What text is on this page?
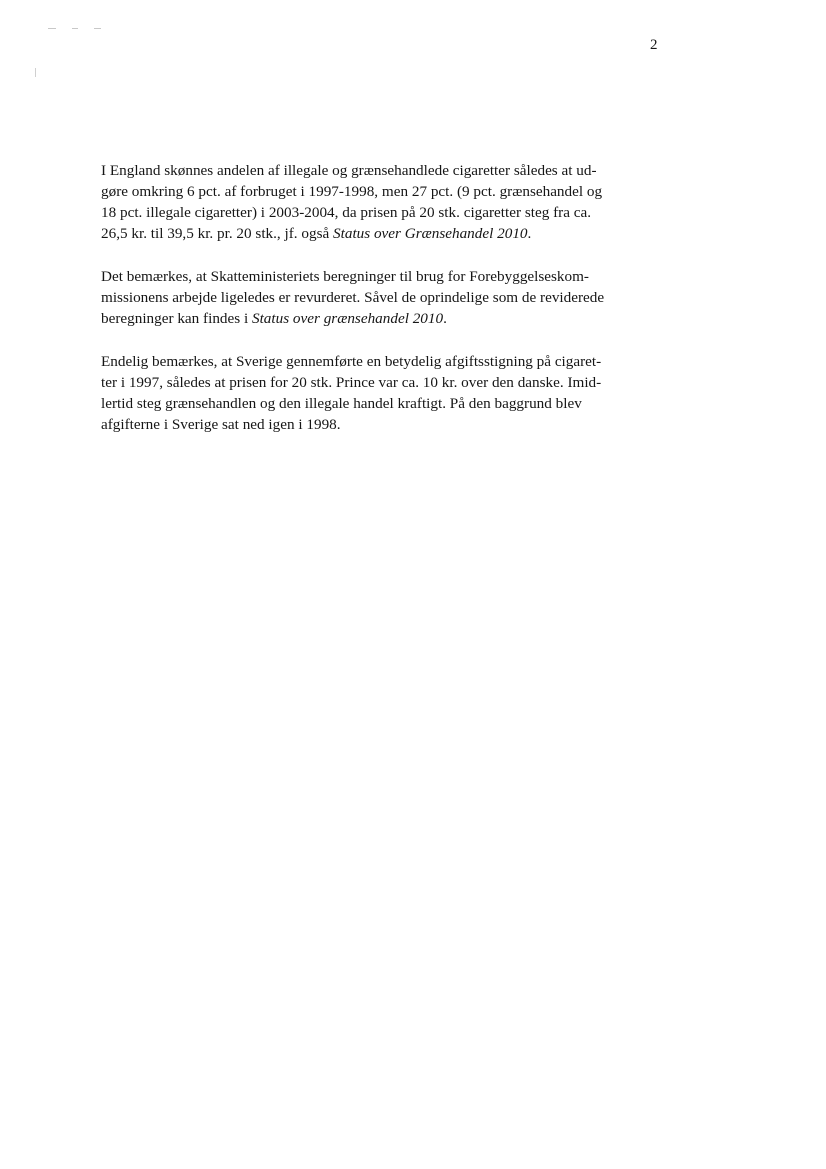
2

I England skønnes andelen af illegale og grænsehandlede cigaretter således at ud-
gøre omkring 6 pct. af forbruget i 1997-1998, men 27 pct. (9 pct. grænsehandel og
18 pct. illegale cigaretter) i 2003-2004, da prisen på 20 stk. cigaretter steg fra ca.
26,5 kr. til 39,5 kr. pr. 20 stk., jf. også Status over Grænsehandel 2010.

Det bemærkes, at Skatteministeriets beregninger til brug for Forebyggelseskom-
missionens arbejde ligeledes er revurderet. Såvel de oprindelige som de reviderede
beregninger kan findes i Status over grænsehandel 2010.

Endelig bemærkes, at Sverige gennemførte en betydelig afgiftsstigning på cigaret-
ter i 1997, således at prisen for 20 stk. Prince var ca. 10 kr. over den danske. Imid-
lertid steg grænsehandlen og den illegale handel kraftigt. På den baggrund blev
afgifterne i Sverige sat ned igen i 1998.
